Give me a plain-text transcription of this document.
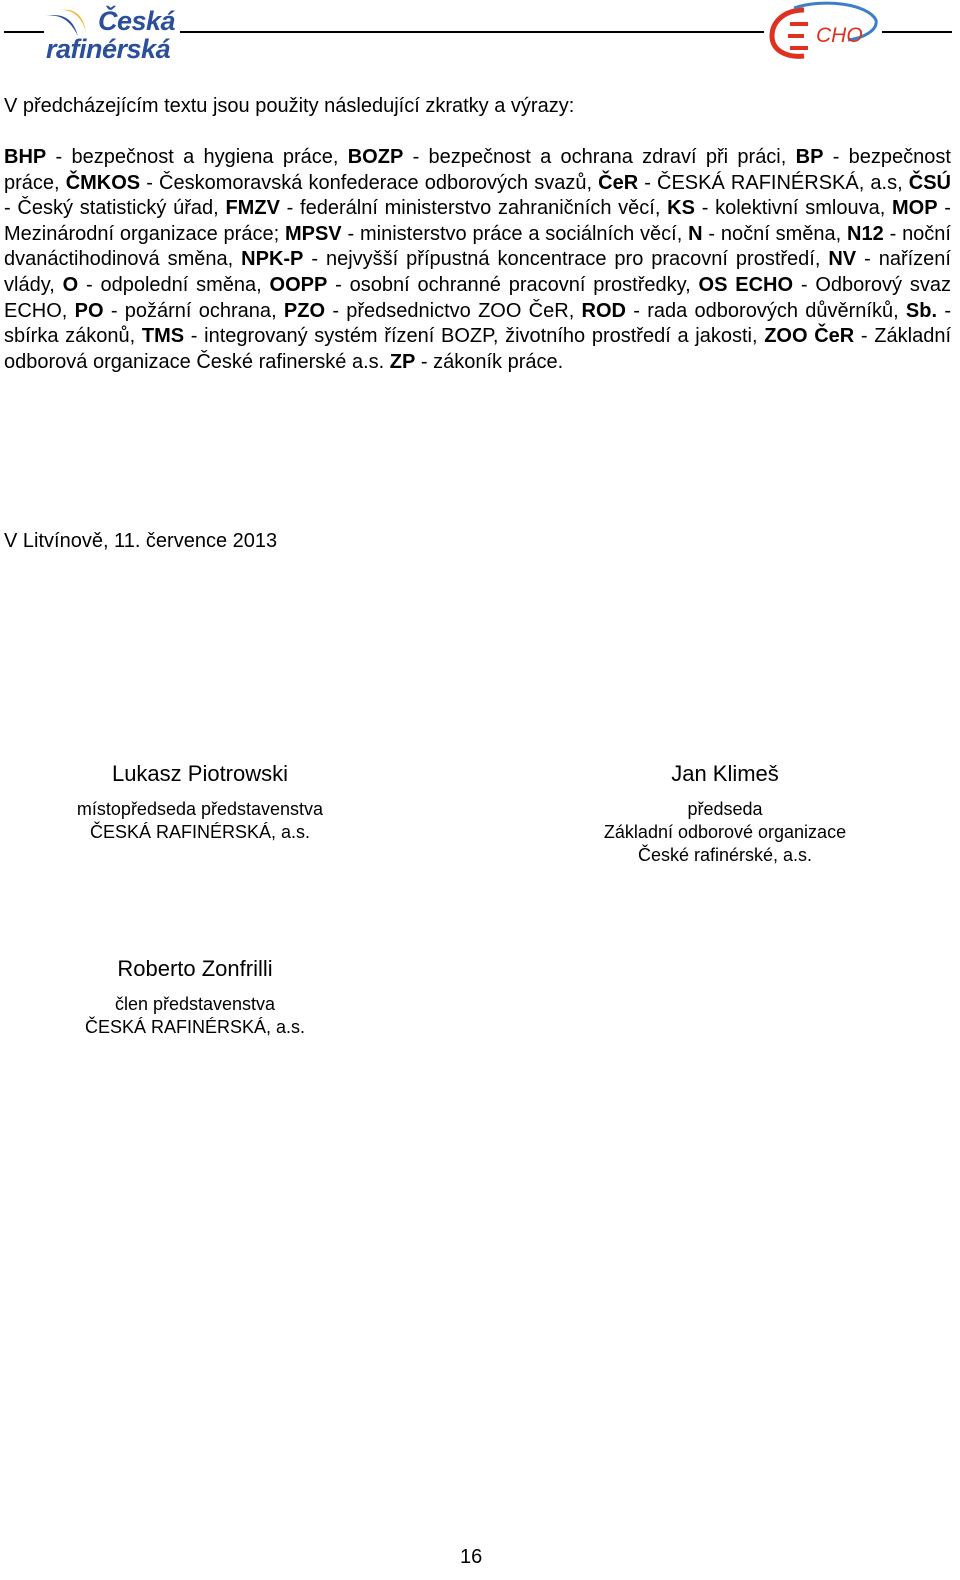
Česká
rafinérská	CHO
V předcházejícím textu jsou použity následující zkratky a výrazy:

BHP - bezpečnost a hygiena práce, BOZP - bezpečnost a ochrana zdraví při práci, BP - bezpečnost práce, ČMKOS - Českomoravská konfederace odborových svazů, ČeR - ČESKÁ RAFINÉRSKÁ, a.s, ČSÚ - Český statistický úřad, FMZV - federální ministerstvo zahraničních věcí, KS - kolektivní smlouva, MOP - Mezinárodní organizace práce; MPSV - ministerstvo práce a sociálních věcí, N - noční směna, N12 - noční dvanáctihodinová směna, NPK-P - nejvyšší přípustná koncentrace pro pracovní prostředí, NV - nařízení vlády, O - odpolední směna, OOPP - osobní ochranné pracovní prostředky, OS ECHO - Odborový svaz ECHO, PO - požární ochrana, PZO - předsednictvo ZOO ČeR, ROD - rada odborových důvěrníků, Sb. - sbírka zákonů, TMS - integrovaný systém řízení BOZP, životního prostředí a jakosti, ZOO ČeR - Základní odborová organizace České rafinerské a.s. ZP - zákoník práce.

V Litvínově, 11. července 2013
Lukasz Piotrowski
místopředseda představenstva
ČESKÁ RAFINÉRSKÁ, a.s.
Jan Klimeš
předseda
Základní odborové organizace
České rafinérské, a.s.
Roberto Zonfrilli
člen představenstva
ČESKÁ RAFINÉRSKÁ, a.s.
16
